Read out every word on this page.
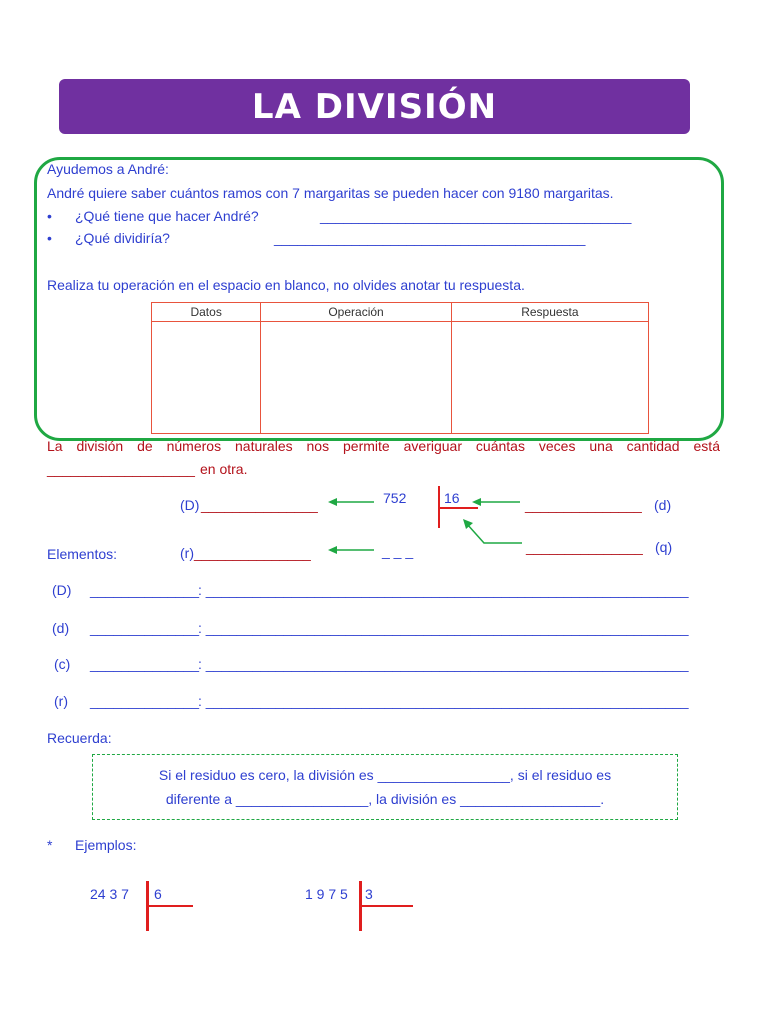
LA DIVISIÓN
Ayudemos a André:
André quiere saber cuántos ramos con 7 margaritas se pueden hacer con 9180 margaritas.
• ¿Qué tiene que hacer André?	________________________________________
• ¿Qué dividiría?	________________________________________
Realiza tu operación en el espacio en blanco, no olvides anotar tu respuesta.
Datos	Operación	Respuesta

La división de números naturales nos permite averiguar cuántas veces una cantidad está
___________________ en otra.
(D) _______________	752	16	_______________ (d)
_______________ (q)
Elementos:	(r) _______________	_ _ _
(D) ______________
: ______________________________________________________________
(d) ______________
: ______________________________________________________________
(c) ______________
: ______________________________________________________________
(r) ______________
: ______________________________________________________________
Recuerda:
Si el residuo es cero, la división es _________________, si el residuo es
diferente a _________________, la división es __________________.
* Ejemplos:
24 3 7 6	1 9 7 5 3
